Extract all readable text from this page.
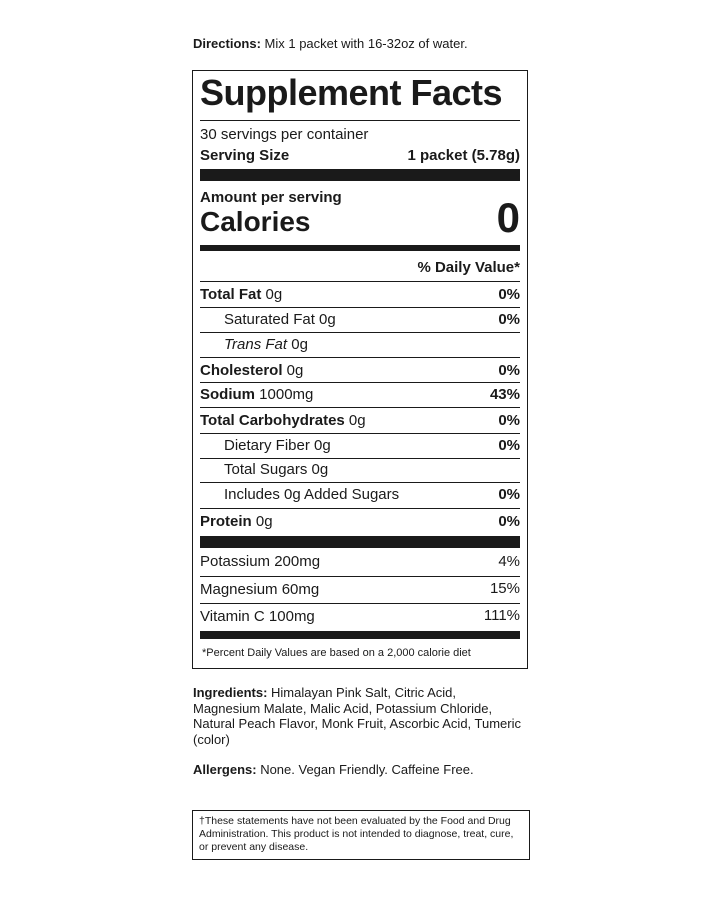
Directions: Mix 1 packet with 16-32oz of water.
Supplement Facts
30 servings per container
Serving Size	1 packet (5.78g)
Amount per serving
Calories	0
% Daily Value*
Total Fat 0g	0%
Saturated Fat 0g	0%
Trans Fat 0g
Cholesterol 0g	0%
Sodium 1000mg	43%
Total Carbohydrates 0g	0%
Dietary Fiber 0g	0%
Total Sugars 0g
Includes 0g Added Sugars	0%
Protein 0g	0%
Potassium 200mg	4%
Magnesium 60mg	15%
Vitamin C 100mg	111%
*Percent Daily Values are based on a 2,000 calorie diet
Ingredients: Himalayan Pink Salt, Citric Acid, Magnesium Malate, Malic Acid, Potassium Chloride, Natural Peach Flavor, Monk Fruit, Ascorbic Acid, Tumeric (color)
Allergens: None. Vegan Friendly. Caffeine Free.
†These statements have not been evaluated by the Food and Drug Administration. This product is not intended to diagnose, treat, cure, or prevent any disease.
